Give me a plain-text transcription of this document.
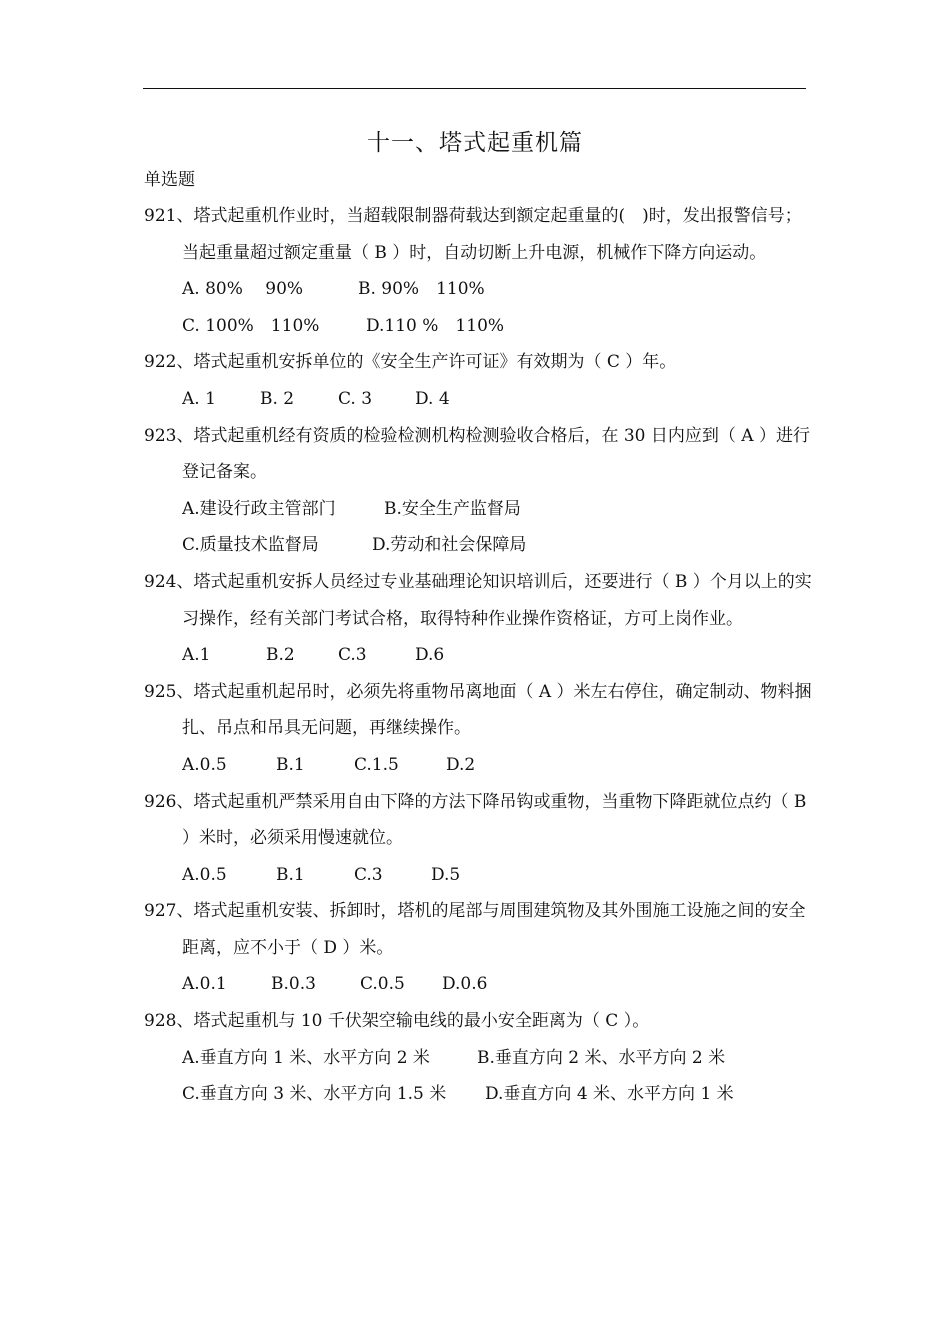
十一、塔式起重机篇
单选题
921、塔式起重机作业时，当超载限制器荷载达到额定起重量的(　)时，发出报警信号；当起重量超过额定重量（ B ）时，自动切断上升电源，机械作下降方向运动。
A. 80%　 90%	B. 90%　110%
C. 100%　110%	D.110 %　110%
922、塔式起重机安拆单位的《安全生产许可证》有效期为（ C ）年。
A. 1	B. 2	C. 3	D. 4
923、塔式起重机经有资质的检验检测机构检测验收合格后，在 30 日内应到（ A ）进行登记备案。
A.建设行政主管部门	B.安全生产监督局
C.质量技术监督局	D.劳动和社会保障局
924、塔式起重机安拆人员经过专业基础理论知识培训后，还要进行（ B ）个月以上的实习操作，经有关部门考试合格，取得特种作业操作资格证，方可上岗作业。
A.1	B.2	C.3	D.6
925、塔式起重机起吊时，必须先将重物吊离地面（ A ）米左右停住，确定制动、物料捆扎、吊点和吊具无问题，再继续操作。
A.0.5	B.1	C.1.5	D.2
926、塔式起重机严禁采用自由下降的方法下降吊钩或重物，当重物下降距就位点约（ B ）米时，必须采用慢速就位。
A.0.5	B.1	C.3	D.5
927、塔式起重机安装、拆卸时，塔机的尾部与周围建筑物及其外围施工设施之间的安全距离，应不小于（ D ）米。
A.0.1	B.0.3	C.0.5 D.0.6
928、塔式起重机与 10 千伏架空输电线的最小安全距离为（ C ）。
A.垂直方向 1 米、水平方向 2 米	B.垂直方向 2 米、水平方向 2 米
C.垂直方向 3 米、水平方向 1.5 米 D.垂直方向 4 米、水平方向 1 米
